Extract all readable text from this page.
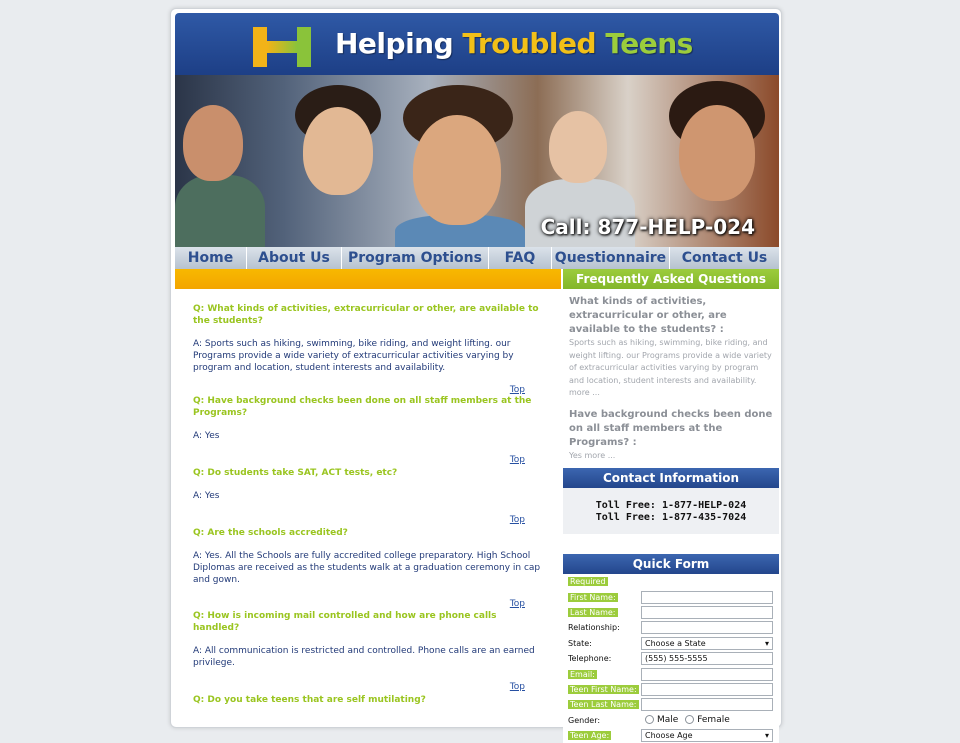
Helping Troubled Teens
Call: 877-HELP-024
Home	About Us	Program Options	FAQ	Questionnaire	Contact Us
Q: What kinds of activities, extracurricular or other, are available to the students?
A: Sports such as hiking, swimming, bike riding, and weight lifting. our Programs provide a wide variety of extracurricular activities varying by program and location, student interests and availability.
Top
Q: Have background checks been done on all staff members at the Programs?
A: Yes
Top
Q: Do students take SAT, ACT tests, etc?
A: Yes
Top
Q: Are the schools accredited?
A: Yes. All the Schools are fully accredited college preparatory. High School Diplomas are received as the students walk at a graduation ceremony in cap and gown.
Top
Q: How is incoming mail controlled and how are phone calls handled?
A: All communication is restricted and controlled. Phone calls are an earned privilege.
Top
Q: Do you take teens that are self mutilating?
Frequently Asked Questions
What kinds of activities, extracurricular or other, are available to the students? :
Sports such as hiking, swimming, bike riding, and weight lifting. our Programs provide a wide variety of extracurricular activities varying by program and location, student interests and availability. more ...
Have background checks been done on all staff members at the Programs? :
Yes more ...
Contact Information
Toll Free: 1-877-HELP-024
Toll Free: 1-877-435-7024
Quick Form
Required
First Name:
Last Name:
Relationship:
State:	Choose a State ▾
Telephone:	(555) 555-5555
Email:
Teen First Name:
Teen Last Name:
Gender:	Male Female
Teen Age:	Choose Age ▾
